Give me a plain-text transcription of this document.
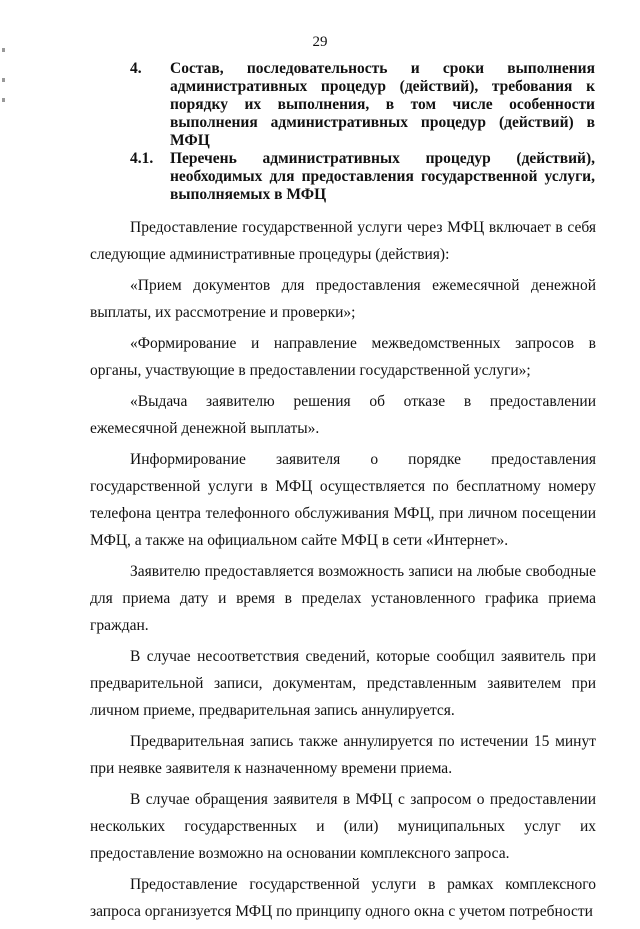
29
4. Состав, последовательность и сроки выполнения административных процедур (действий), требования к порядку их выполнения, в том числе особенности выполнения административных процедур (действий) в МФЦ
4.1. Перечень административных процедур (действий), необходимых для предоставления государственной услуги, выполняемых в МФЦ

Предоставление государственной услуги через МФЦ включает в себя следующие административные процедуры (действия):

«Прием документов для предоставления ежемесячной денежной выплаты, их рассмотрение и проверки»;

«Формирование и направление межведомственных запросов в органы, участвующие в предоставлении государственной услуги»;

«Выдача заявителю решения об отказе в предоставлении ежемесячной денежной выплаты».

Информирование заявителя о порядке предоставления государственной услуги в МФЦ осуществляется по бесплатному номеру телефона центра телефонного обслуживания МФЦ, при личном посещении МФЦ, а также на официальном сайте МФЦ в сети «Интернет».

Заявителю предоставляется возможность записи на любые свободные для приема дату и время в пределах установленного графика приема граждан.

В случае несоответствия сведений, которые сообщил заявитель при предварительной записи, документам, представленным заявителем при личном приеме, предварительная запись аннулируется.

Предварительная запись также аннулируется по истечении 15 минут при неявке заявителя к назначенному времени приема.

В случае обращения заявителя в МФЦ с запросом о предоставлении нескольких государственных и (или) муниципальных услуг их предоставление возможно на основании комплексного запроса.

Предоставление государственной услуги в рамках комплексного запроса организуется МФЦ по принципу одного окна с учетом потребности
